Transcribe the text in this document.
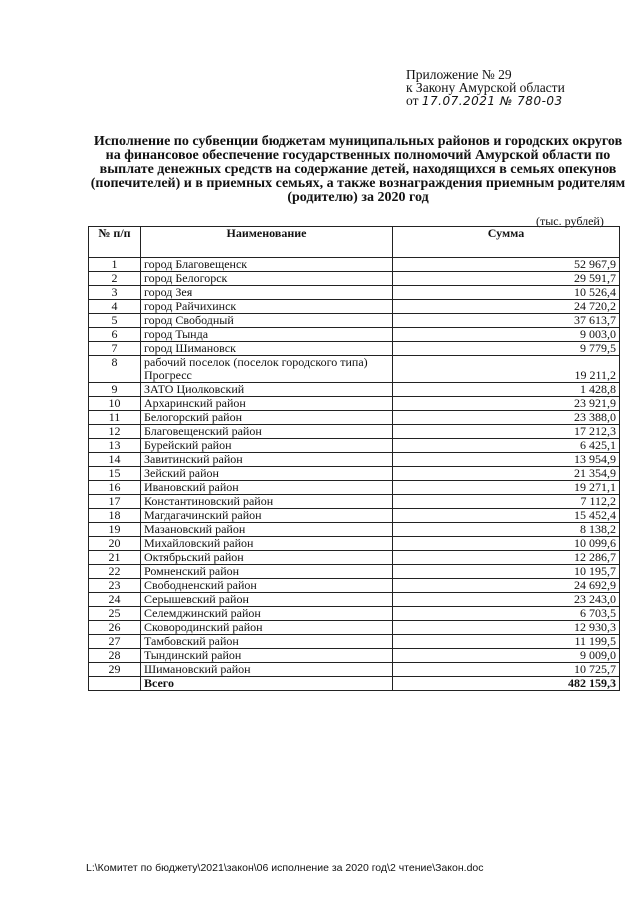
Приложение № 29
к Закону Амурской области
от 17.07.2021 № 780-03
Исполнение по субвенции бюджетам муниципальных районов и городских округов на финансовое обеспечение государственных полномочий Амурской области по выплате денежных средств на содержание детей, находящихся в семьях опекунов (попечителей) и в приемных семьях, а также вознаграждения приемным родителям (родителю) за 2020 год
(тыс. рублей)
№ п/п	Наименование	Сумма
1	город Благовещенск	52 967,9
2	город Белогорск	29 591,7
3	город Зея	10 526,4
4	город Райчихинск	24 720,2
5	город Свободный	37 613,7
6	город Тында	9 003,0
7	город Шимановск	9 779,5
8	рабочий поселок (поселок городского типа) Прогресс	19 211,2
9	ЗАТО Циолковский	1 428,8
10	Архаринский район	23 921,9
11	Белогорский район	23 388,0
12	Благовещенский район	17 212,3
13	Бурейский район	6 425,1
14	Завитинский район	13 954,9
15	Зейский район	21 354,9
16	Ивановский район	19 271,1
17	Константиновский район	7 112,2
18	Магдагачинский район	15 452,4
19	Мазановский район	8 138,2
20	Михайловский район	10 099,6
21	Октябрьский район	12 286,7
22	Ромненский район	10 195,7
23	Свободненский район	24 692,9
24	Серышевский район	23 243,0
25	Селемджинский район	6 703,5
26	Сковородинский район	12 930,3
27	Тамбовский район	11 199,5
28	Тындинский район	9 009,0
29	Шимановский район	10 725,7
	Всего	482 159,3
L:\Комитет по бюджету\2021\закон\06 исполнение за 2020 год\2 чтение\Закон.doc
